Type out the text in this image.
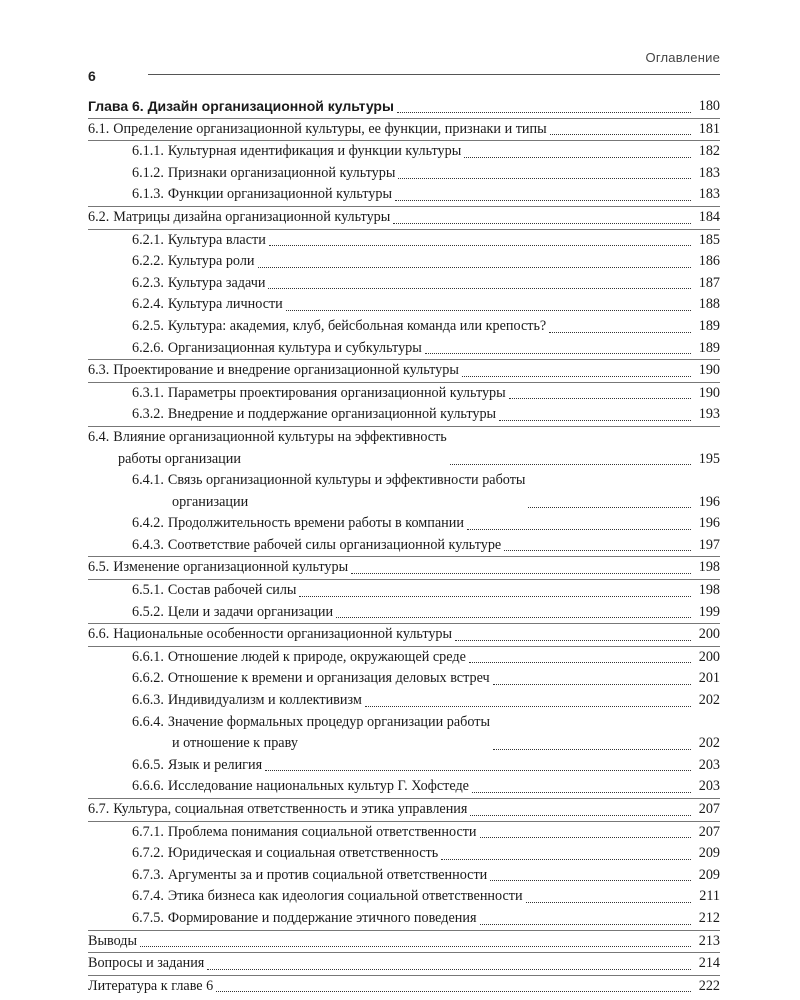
6
Оглавление
Глава 6. Дизайн организационной культуры	180
6.1. Определение организационной культуры, ее функции, признаки и типы	181
6.1.1. Культурная идентификация и функции культуры	182
6.1.2. Признаки организационной культуры	183
6.1.3. Функции организационной культуры	183
6.2. Матрицы дизайна организационной культуры	184
6.2.1. Культура власти	185
6.2.2. Культура роли	186
6.2.3. Культура задачи	187
6.2.4. Культура личности	188
6.2.5. Культура: академия, клуб, бейсбольная команда или крепость?	189
6.2.6. Организационная культура и субкультуры	189
6.3. Проектирование и внедрение организационной культуры	190
6.3.1. Параметры проектирования организационной культуры	190
6.3.2. Внедрение и поддержание организационной культуры	193
6.4. Влияние организационной культуры на эффективность
работы организации	195
6.4.1. Связь организационной культуры и эффективности работы
организации	196
6.4.2. Продолжительность времени работы в компании	196
6.4.3. Соответствие рабочей силы организационной культуре	197
6.5. Изменение организационной культуры	198
6.5.1. Состав рабочей силы	198
6.5.2. Цели и задачи организации	199
6.6. Национальные особенности организационной культуры	200
6.6.1. Отношение людей к природе, окружающей среде	200
6.6.2. Отношение к времени и организация деловых встреч	201
6.6.3. Индивидуализм и коллективизм	202
6.6.4. Значение формальных процедур организации работы
и отношение к праву	202
6.6.5. Язык и религия	203
6.6.6. Исследование национальных культур Г. Хофстеде	203
6.7. Культура, социальная ответственность и этика управления	207
6.7.1. Проблема понимания социальной ответственности	207
6.7.2. Юридическая и социальная ответственность	209
6.7.3. Аргументы за и против социальной ответственности	209
6.7.4. Этика бизнеса как идеология социальной ответственности	211
6.7.5. Формирование и поддержание этичного поведения	212
Выводы	213
Вопросы и задания	214
Литература к главе 6	222
